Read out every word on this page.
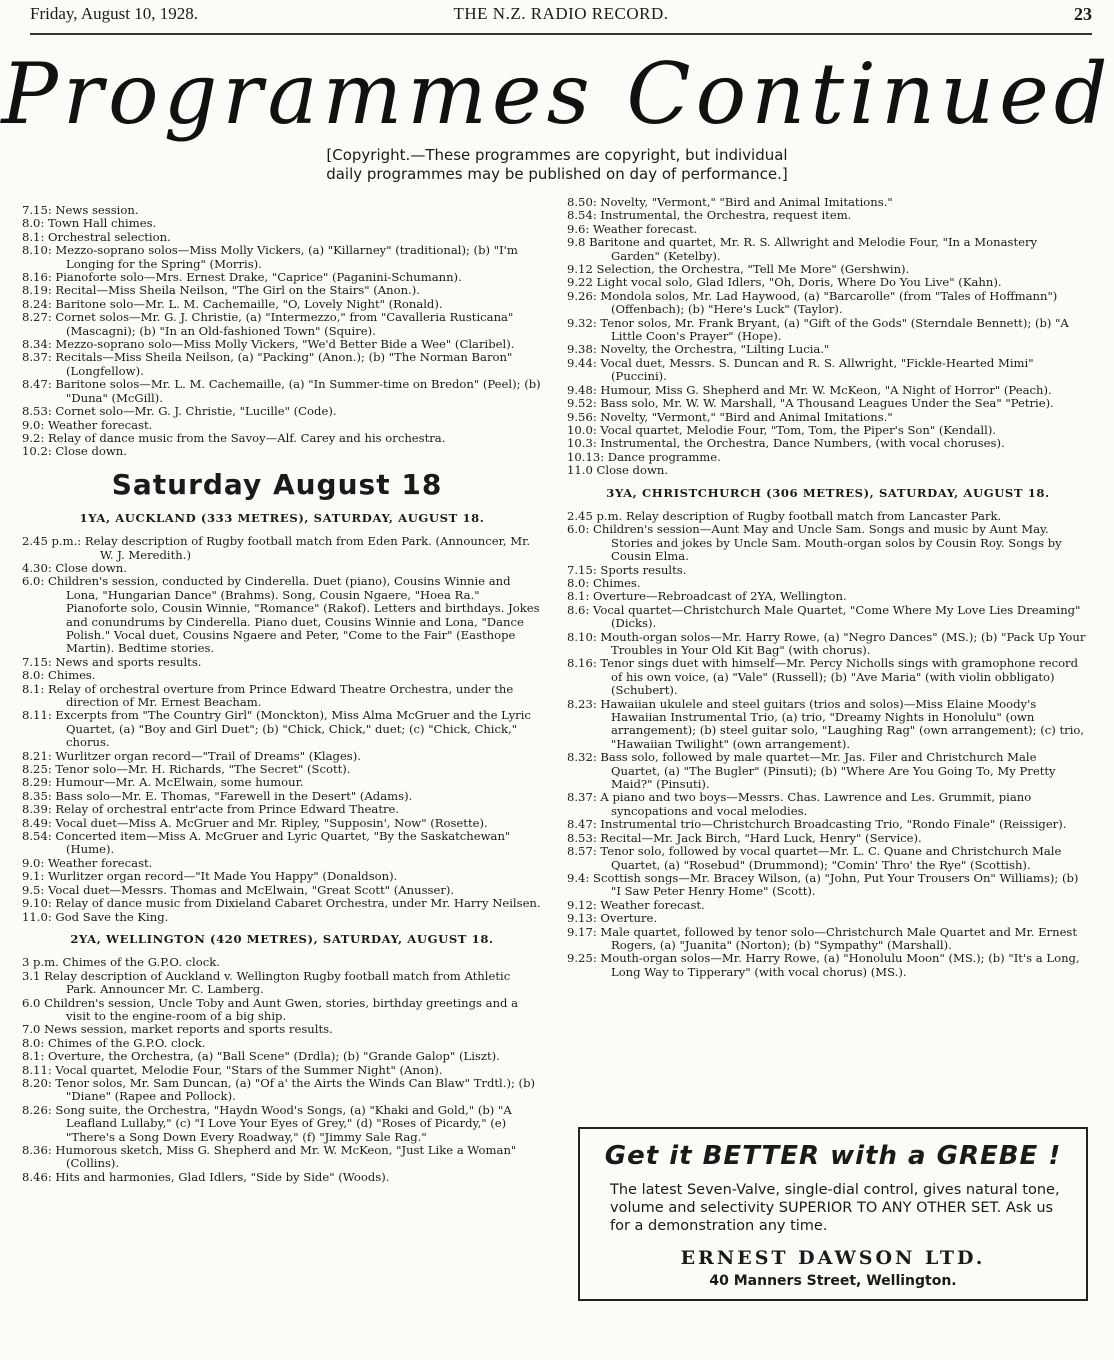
Friday, August 10, 1928.	THE N.Z. RADIO RECORD.	23
Programmes Continued
[Copyright.—These programmes are copyright, but individual
daily programmes may be published on day of performance.]
7.15: News session.
8.0: Town Hall chimes.
8.1: Orchestral selection.
8.10: Mezzo-soprano solos—Miss Molly Vickers, (a) "Killarney" (traditional); (b) "I'm Longing for the Spring" (Morris).
8.16: Pianoforte solo—Mrs. Ernest Drake, "Caprice" (Paganini-Schumann).
8.19: Recital—Miss Sheila Neilson, "The Girl on the Stairs" (Anon.).
8.24: Baritone solo—Mr. L. M. Cachemaille, "O, Lovely Night" (Ronald).
8.27: Cornet solos—Mr. G. J. Christie, (a) "Intermezzo," from "Cavalleria Rusticana" (Mascagni); (b) "In an Old-fashioned Town" (Squire).
8.34: Mezzo-soprano solo—Miss Molly Vickers, "We'd Better Bide a Wee" (Claribel).
8.37: Recitals—Miss Sheila Neilson, (a) "Packing" (Anon.); (b) "The Norman Baron" (Longfellow).
8.47: Baritone solos—Mr. L. M. Cachemaille, (a) "In Summer-time on Bredon" (Peel); (b) "Duna" (McGill).
8.53: Cornet solo—Mr. G. J. Christie, "Lucille" (Code).
9.0: Weather forecast.
9.2: Relay of dance music from the Savoy—Alf. Carey and his orchestra.
10.2: Close down.
Saturday August 18
1YA, AUCKLAND (333 METRES), SATURDAY, AUGUST 18.
2.45 p.m.: Relay description of Rugby football match from Eden Park. (Announcer, Mr. W. J. Meredith.)
4.30: Close down.
6.0: Children's session, conducted by Cinderella. Duet (piano), Cousins Winnie and Lona, "Hungarian Dance" (Brahms). Song, Cousin Ngaere, "Hoea Ra." Pianoforte solo, Cousin Winnie, "Romance" (Rakof). Letters and birthdays. Jokes and conundrums by Cinderella. Piano duet, Cousins Winnie and Lona, "Dance Polish." Vocal duet, Cousins Ngaere and Peter, "Come to the Fair" (Easthope Martin). Bedtime stories.
7.15: News and sports results.
8.0: Chimes.
8.1: Relay of orchestral overture from Prince Edward Theatre Orchestra, under the direction of Mr. Ernest Beacham.
8.11: Excerpts from "The Country Girl" (Monckton), Miss Alma McGruer and the Lyric Quartet, (a) "Boy and Girl Duet"; (b) "Chick, Chick," duet; (c) "Chick, Chick," chorus.
8.21: Wurlitzer organ record—"Trail of Dreams" (Klages).
8.25: Tenor solo—Mr. H. Richards, "The Secret" (Scott).
8.29: Humour—Mr. A. McElwain, some humour.
8.35: Bass solo—Mr. E. Thomas, "Farewell in the Desert" (Adams).
8.39: Relay of orchestral entr'acte from Prince Edward Theatre.
8.49: Vocal duet—Miss A. McGruer and Mr. Ripley, "Supposin', Now" (Rosette).
8.54: Concerted item—Miss A. McGruer and Lyric Quartet, "By the Saskatchewan" (Hume).
9.0: Weather forecast.
9.1: Wurlitzer organ record—"It Made You Happy" (Donaldson).
9.5: Vocal duet—Messrs. Thomas and McElwain, "Great Scott" (Anusser).
9.10: Relay of dance music from Dixieland Cabaret Orchestra, under Mr. Harry Neilsen.
11.0: God Save the King.
2YA, WELLINGTON (420 METRES), SATURDAY, AUGUST 18.
3 p.m. Chimes of the G.P.O. clock.
3.1 Relay description of Auckland v. Wellington Rugby football match from Athletic Park. Announcer Mr. C. Lamberg.
6.0 Children's session, Uncle Toby and Aunt Gwen, stories, birthday greetings and a visit to the engine-room of a big ship.
7.0 News session, market reports and sports results.
8.0: Chimes of the G.P.O. clock.
8.1: Overture, the Orchestra, (a) "Ball Scene" (Drdla); (b) "Grande Galop" (Liszt).
8.11: Vocal quartet, Melodie Four, "Stars of the Summer Night" (Anon).
8.20: Tenor solos, Mr. Sam Duncan, (a) "Of a' the Airts the Winds Can Blaw" Trdtl.); (b) "Diane" (Rapee and Pollock).
8.26: Song suite, the Orchestra, "Haydn Wood's Songs, (a) "Khaki and Gold," (b) "A Leafland Lullaby," (c) "I Love Your Eyes of Grey," (d) "Roses of Picardy," (e) "There's a Song Down Every Roadway," (f) "Jimmy Sale Rag."
8.36: Humorous sketch, Miss G. Shepherd and Mr. W. McKeon, "Just Like a Woman" (Collins).
8.46: Hits and harmonies, Glad Idlers, "Side by Side" (Woods).
8.50: Novelty, "Vermont," "Bird and Animal Imitations."
8.54: Instrumental, the Orchestra, request item.
9.6: Weather forecast.
9.8 Baritone and quartet, Mr. R. S. Allwright and Melodie Four, "In a Monastery Garden" (Ketelby).
9.12 Selection, the Orchestra, "Tell Me More" (Gershwin).
9.22 Light vocal solo, Glad Idlers, "Oh, Doris, Where Do You Live" (Kahn).
9.26: Mondola solos, Mr. Lad Haywood, (a) "Barcarolle" (from "Tales of Hoffmann") (Offenbach); (b) "Here's Luck" (Taylor).
9.32: Tenor solos, Mr. Frank Bryant, (a) "Gift of the Gods" (Sterndale Bennett); (b) "A Little Coon's Prayer" (Hope).
9.38: Novelty, the Orchestra, "Lilting Lucia."
9.44: Vocal duet, Messrs. S. Duncan and R. S. Allwright, "Fickle-Hearted Mimi" (Puccini).
9.48: Humour, Miss G. Shepherd and Mr. W. McKeon, "A Night of Horror" (Peach).
9.52: Bass solo, Mr. W. W. Marshall, "A Thousand Leagues Under the Sea" "Petrie).
9.56: Novelty, "Vermont," "Bird and Animal Imitations."
10.0: Vocal quartet, Melodie Four, "Tom, Tom, the Piper's Son" (Kendall).
10.3: Instrumental, the Orchestra, Dance Numbers, (with vocal choruses).
10.13: Dance programme.
11.0 Close down.
3YA, CHRISTCHURCH (306 METRES), SATURDAY, AUGUST 18.
2.45 p.m. Relay description of Rugby football match from Lancaster Park.
6.0: Children's session—Aunt May and Uncle Sam. Songs and music by Aunt May. Stories and jokes by Uncle Sam. Mouth-organ solos by Cousin Roy. Songs by Cousin Elma.
7.15: Sports results.
8.0: Chimes.
8.1: Overture—Rebroadcast of 2YA, Wellington.
8.6: Vocal quartet—Christchurch Male Quartet, "Come Where My Love Lies Dreaming" (Dicks).
8.10: Mouth-organ solos—Mr. Harry Rowe, (a) "Negro Dances" (MS.); (b) "Pack Up Your Troubles in Your Old Kit Bag" (with chorus).
8.16: Tenor sings duet with himself—Mr. Percy Nicholls sings with gramophone record of his own voice, (a) "Vale" (Russell); (b) "Ave Maria" (with violin obbligato) (Schubert).
8.23: Hawaiian ukulele and steel guitars (trios and solos)—Miss Elaine Moody's Hawaiian Instrumental Trio, (a) trio, "Dreamy Nights in Honolulu" (own arrangement); (b) steel guitar solo, "Laughing Rag" (own arrangement); (c) trio, "Hawaiian Twilight" (own arrangement).
8.32: Bass solo, followed by male quartet—Mr. Jas. Filer and Christchurch Male Quartet, (a) "The Bugler" (Pinsuti); (b) "Where Are You Going To, My Pretty Maid?" (Pinsuti).
8.37: A piano and two boys—Messrs. Chas. Lawrence and Les. Grummit, piano syncopations and vocal melodies.
8.47: Instrumental trio—Christchurch Broadcasting Trio, "Rondo Finale" (Reissiger).
8.53: Recital—Mr. Jack Birch, "Hard Luck, Henry" (Service).
8.57: Tenor solo, followed by vocal quartet—Mr. L. C. Quane and Christchurch Male Quartet, (a) "Rosebud" (Drummond); "Comin' Thro' the Rye" (Scottish).
9.4: Scottish songs—Mr. Bracey Wilson, (a) "John, Put Your Trousers On" Williams); (b) "I Saw Peter Henry Home" (Scott).
9.12: Weather forecast.
9.13: Overture.
9.17: Male quartet, followed by tenor solo—Christchurch Male Quartet and Mr. Ernest Rogers, (a) "Juanita" (Norton); (b) "Sympathy" (Marshall).
9.25: Mouth-organ solos—Mr. Harry Rowe, (a) "Honolulu Moon" (MS.); (b) "It's a Long, Long Way to Tipperary" (with vocal chorus) (MS.).
Get it BETTER with a GREBE !
The latest Seven-Valve, single-dial control, gives natural tone, volume and selectivity SUPERIOR TO ANY OTHER SET. Ask us for a demonstration any time.
ERNEST DAWSON LTD.
40 Manners Street, Wellington.
